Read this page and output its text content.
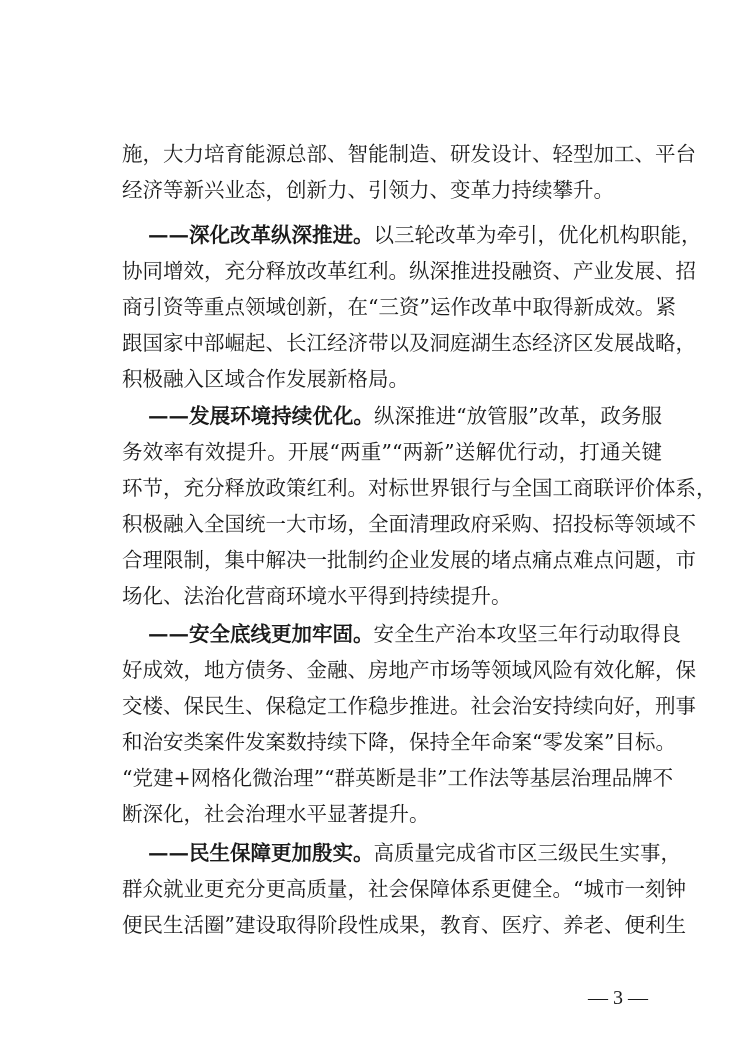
施，大力培育能源总部、智能制造、研发设计、轻型加工、平台
经济等新兴业态，创新力、引领力、变革力持续攀升。
——深化改革纵深推进。以三轮改革为牵引，优化机构职能，
协同增效，充分释放改革红利。纵深推进投融资、产业发展、招
商引资等重点领域创新，在“三资”运作改革中取得新成效。紧
跟国家中部崛起、长江经济带以及洞庭湖生态经济区发展战略，
积极融入区域合作发展新格局。
——发展环境持续优化。纵深推进“放管服”改革，政务服
务效率有效提升。开展“两重”“两新”送解优行动，打通关键
环节，充分释放政策红利。对标世界银行与全国工商联评价体系，
积极融入全国统一大市场，全面清理政府采购、招投标等领域不
合理限制，集中解决一批制约企业发展的堵点痛点难点问题，市
场化、法治化营商环境水平得到持续提升。
——安全底线更加牢固。安全生产治本攻坚三年行动取得良
好成效，地方债务、金融、房地产市场等领域风险有效化解，保
交楼、保民生、保稳定工作稳步推进。社会治安持续向好，刑事
和治安类案件发案数持续下降，保持全年命案“零发案”目标。
“党建+网格化微治理”“群英断是非”工作法等基层治理品牌不
断深化，社会治理水平显著提升。
——民生保障更加殷实。高质量完成省市区三级民生实事，
群众就业更充分更高质量，社会保障体系更健全。“城市一刻钟
便民生活圈”建设取得阶段性成果，教育、医疗、养老、便利生
— 3 —
